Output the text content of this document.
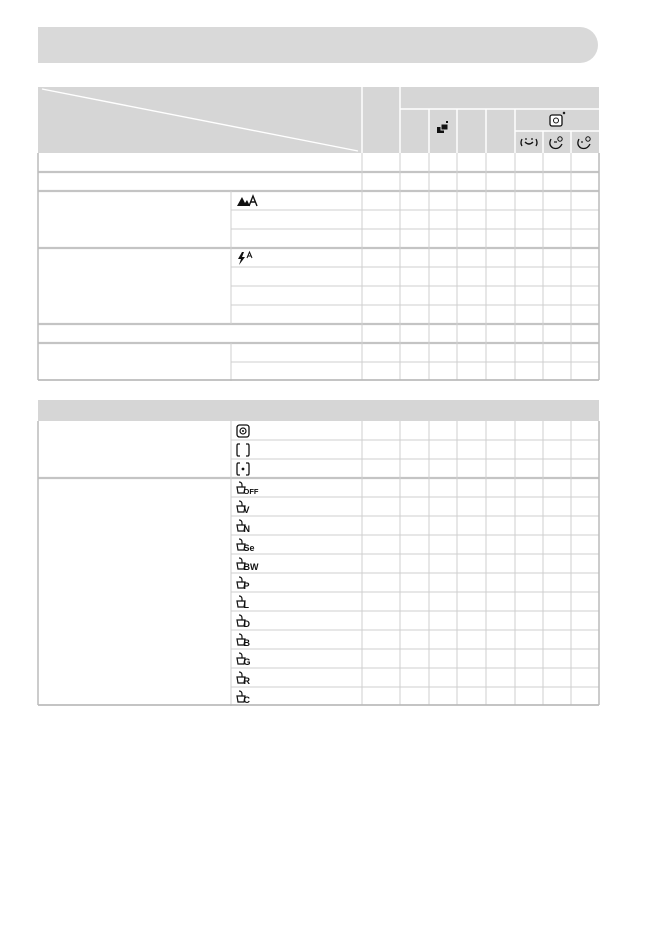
OFF
V
N
Se
BW
P
L
D
B
G
R
C
